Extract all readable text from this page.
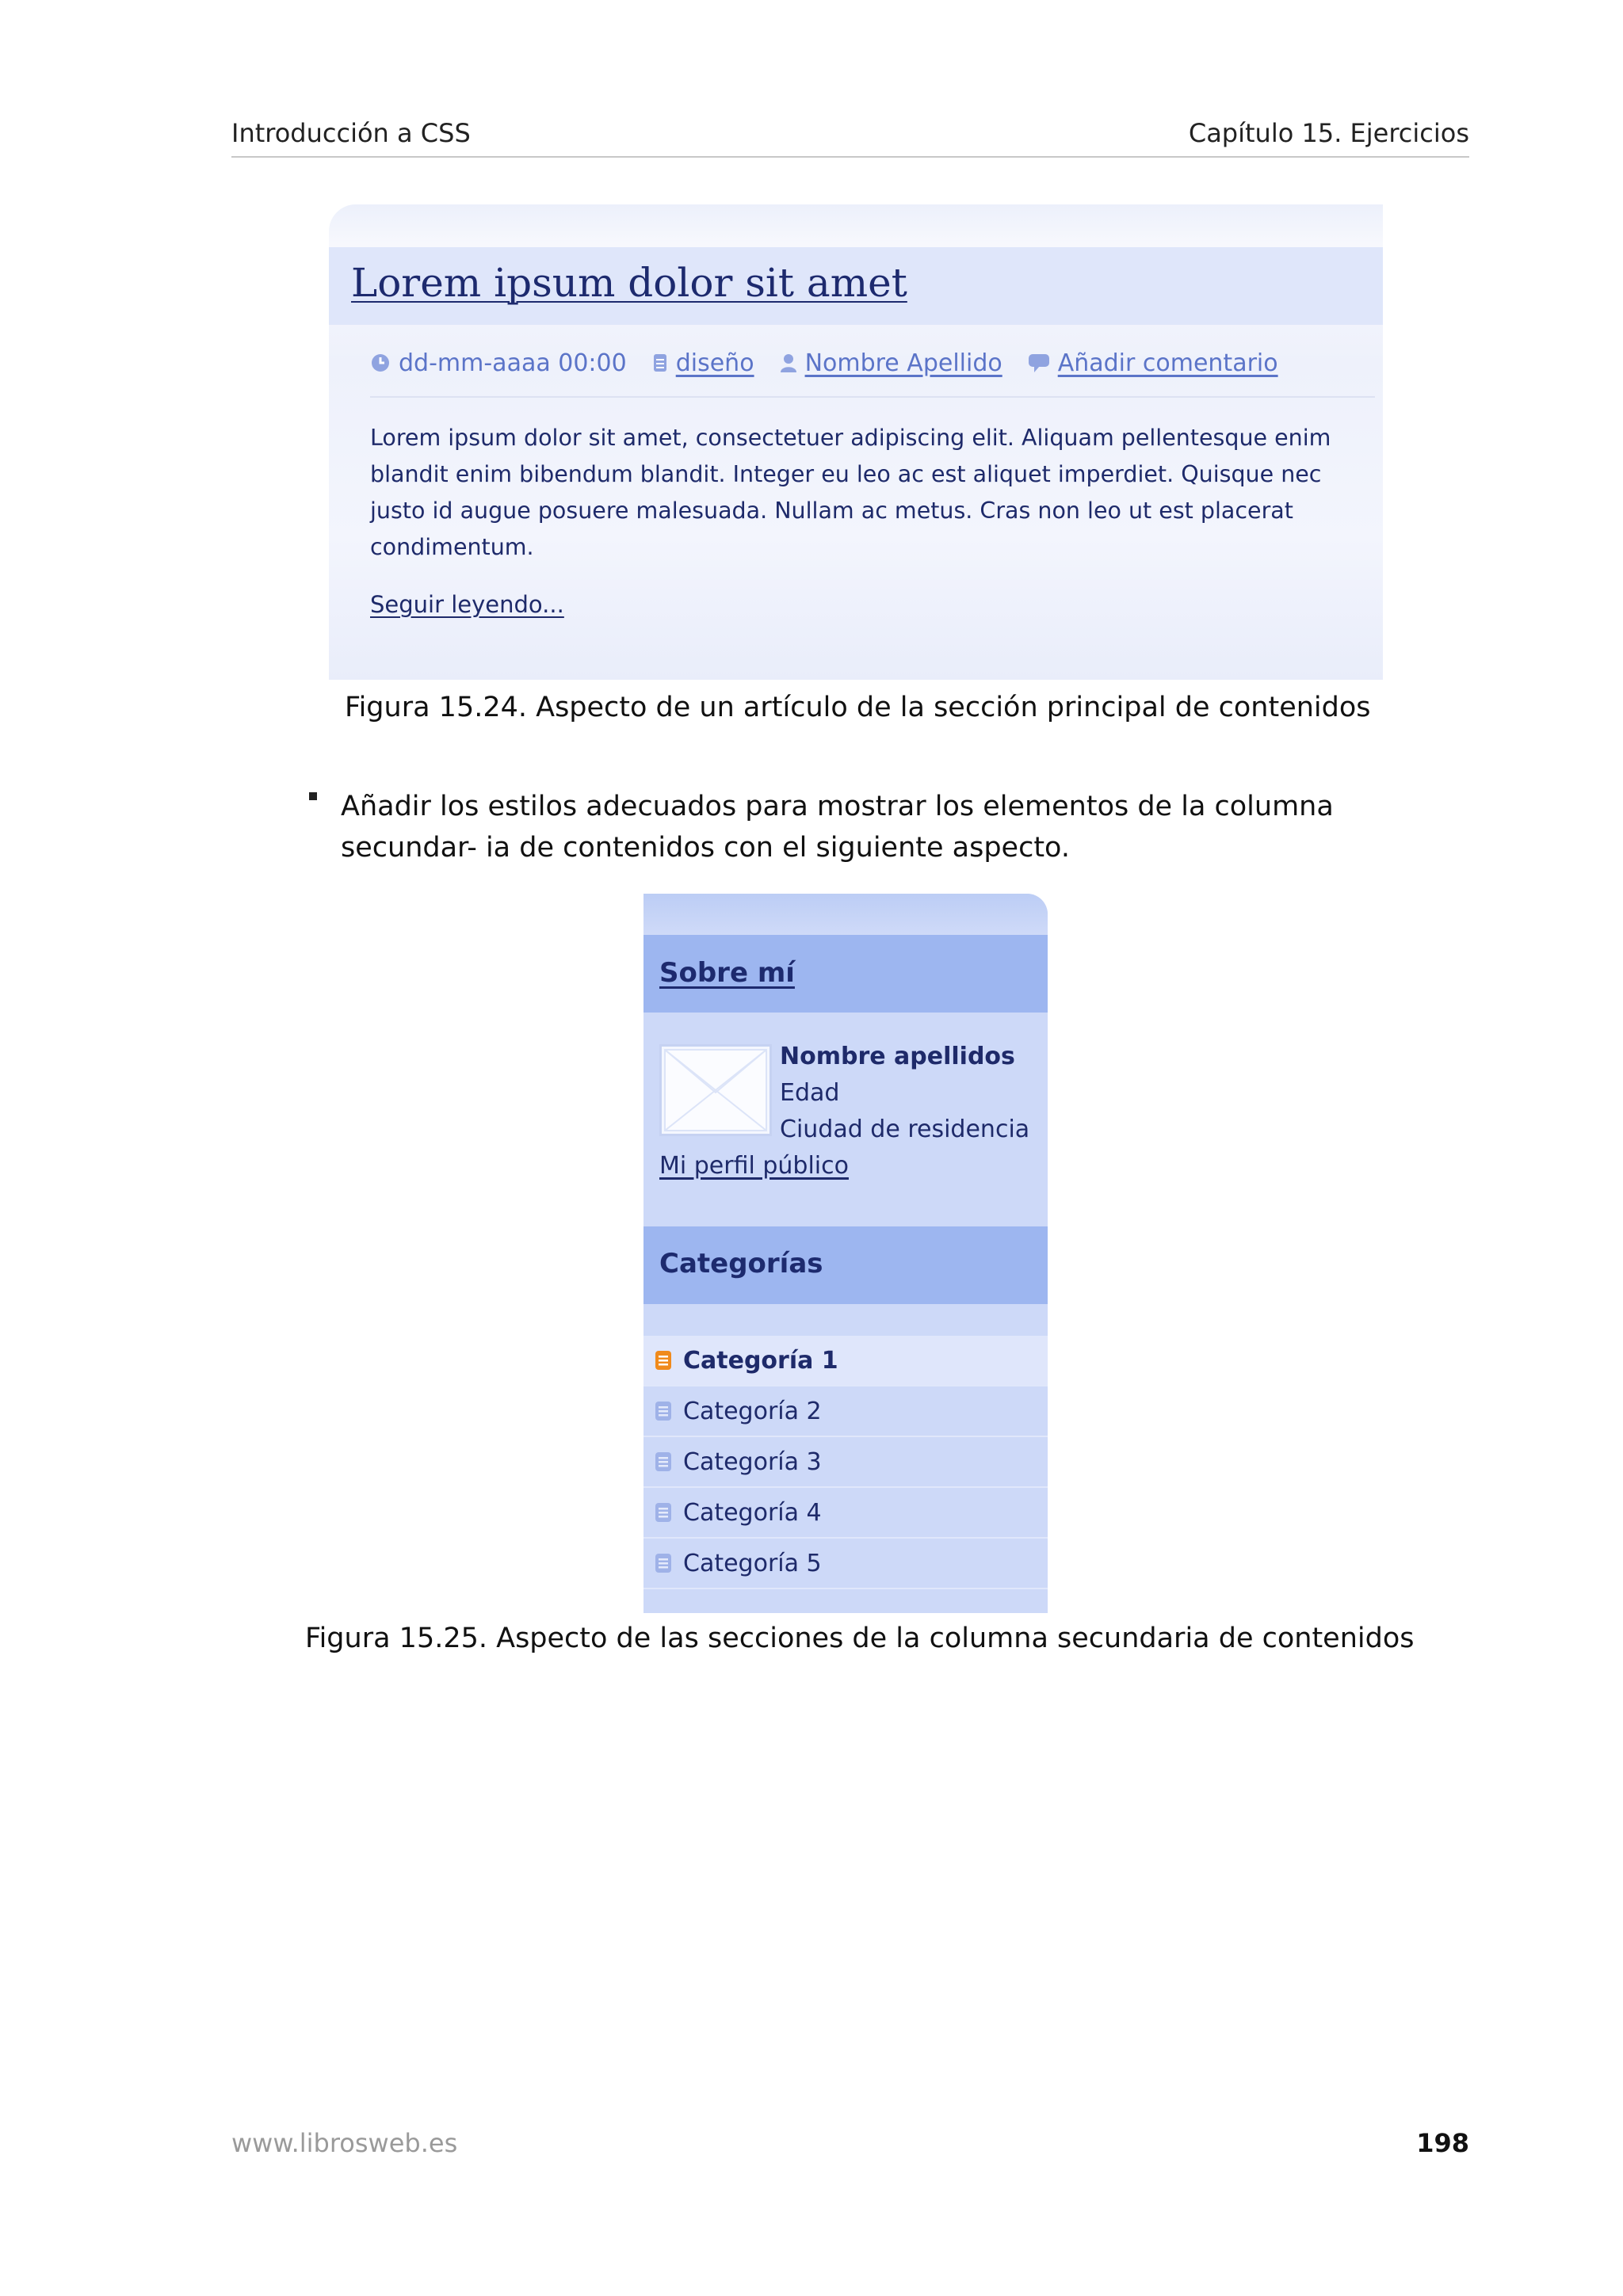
Introducción a CSS	Capítulo 15. Ejercicios
Lorem ipsum dolor sit amet
dd-mm-aaaa 00:00 diseño Nombre Apellido Añadir comentario
Lorem ipsum dolor sit amet, consectetuer adipiscing elit. Aliquam pellentesque enim blandit enim bibendum blandit. Integer eu leo ac est aliquet imperdiet. Quisque nec justo id augue posuere malesuada. Nullam ac metus. Cras non leo ut est placerat condimentum.
Seguir leyendo...
Figura 15.24. Aspecto de un artículo de la sección principal de contenidos
Añadir los estilos adecuados para mostrar los elementos de la columna secundar- ia de contenidos con el siguiente aspecto.
Sobre mí
Nombre apellidos
Edad
Ciudad de residencia
Mi perfil público
Categorías
Categoría 1
Categoría 2
Categoría 3
Categoría 4
Categoría 5
Figura 15.25. Aspecto de las secciones de la columna secundaria de contenidos
www.librosweb.es	198
